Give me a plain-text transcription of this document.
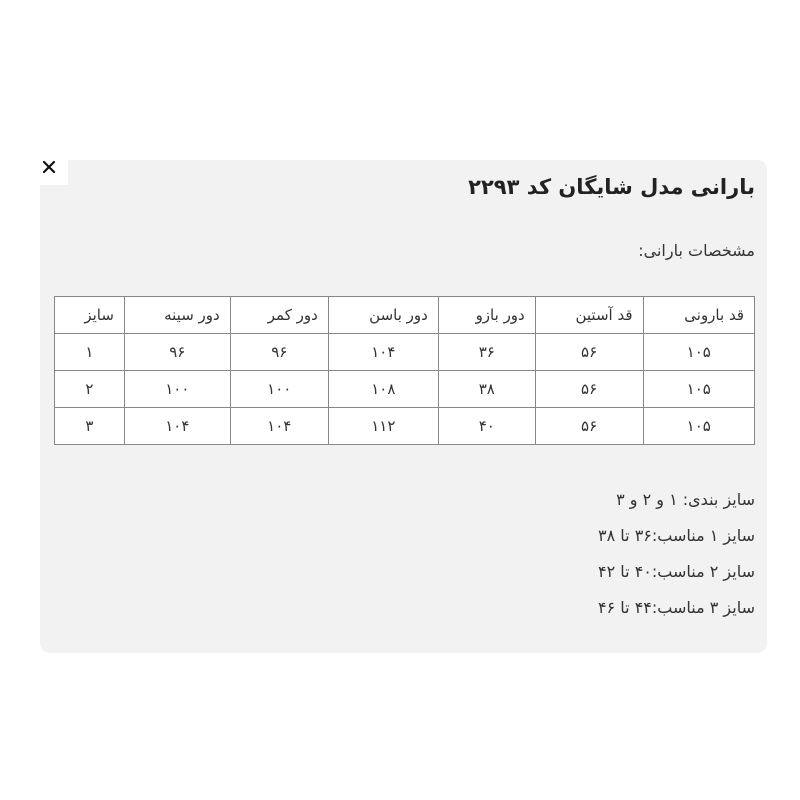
بارانی مدل شایگان کد ۲۲۹۳

مشخصات بارانی:

قد بارونی	قد آستین	دور بازو	دور باسن	دور کمر	دور سینه	سایز
۱۰۵	۵۶	۳۶	۱۰۴	۹۶	۹۶	۱
۱۰۵	۵۶	۳۸	۱۰۸	۱۰۰	۱۰۰	۲
۱۰۵	۵۶	۴۰	۱۱۲	۱۰۴	۱۰۴	۳
سایز بندی: ۱ و ۲ و ۳
سایز ۱ مناسب:۳۶ تا ۳۸
سایز ۲ مناسب:۴۰ تا ۴۲
سایز ۳ مناسب:۴۴ تا ۴۶
